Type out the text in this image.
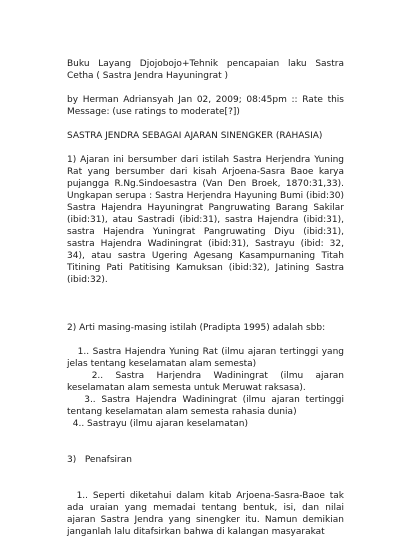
Buku Layang Djojobojo+Tehnik pencapaian laku Sastra Cetha ( Sastra Jendra Hayuningrat )

by Herman Adriansyah Jan 02, 2009; 08:45pm :: Rate this Message: (use ratings to moderate[?])

SASTRA JENDRA SEBAGAI AJARAN SINENGKER (RAHASIA)

1) Ajaran ini bersumber dari istilah Sastra Herjendra Yuning Rat yang bersumber dari kisah Arjoena-Sasra Baoe karya pujangga R.Ng.Sindoesastra (Van Den Broek, 1870:31,33). Ungkapan serupa : Sastra Herjendra Hayuning Bumi (ibid:30) Sastra Hajendra Hayuningrat Pangruwating Barang Sakilar (ibid:31), atau Sastradi (ibid:31), sastra Hajendra (ibid:31), sastra Hajendra Yuningrat Pangruwating Diyu (ibid:31), sastra Hajendra Wadiningrat (ibid:31), Sastrayu (ibid: 32, 34), atau sastra Ugering Agesang Kasampurnaning Titah Titining Pati Patitising Kamuksan (ibid:32), Jatining Sastra (ibid:32).

2) Arti masing-masing istilah (Pradipta 1995) adalah sbb:

1.. Sastra Hajendra Yuning Rat (ilmu ajaran tertinggi yang jelas tentang keselamatan alam semesta)

2..   Sastra   Harjendra   Wadiningrat   (ilmu   ajaran keselamatan alam semesta untuk Meruwat raksasa).

3.. Sastra Hajendra Wadiningrat (ilmu ajaran tertinggi tentang keselamatan alam semesta rahasia dunia)

4.. Sastrayu (ilmu ajaran keselamatan)

3)   Penafsiran

1.. Seperti diketahui dalam kitab Arjoena-Sasra-Baoe tak ada uraian yang memadai tentang bentuk, isi, dan nilai ajaran Sastra Jendra yang sinengker itu. Namun demikian janganlah lalu ditafsirkan bahwa di kalangan masyarakat
